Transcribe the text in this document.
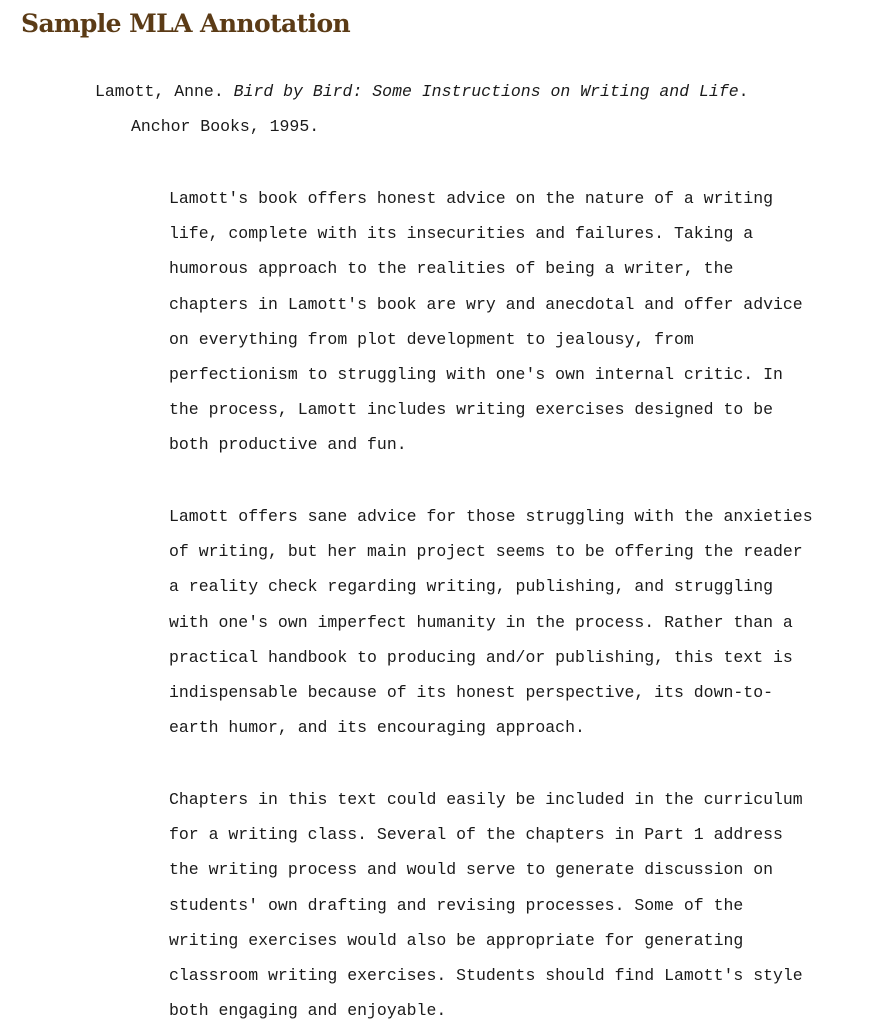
Sample MLA Annotation
Lamott, Anne. Bird by Bird: Some Instructions on Writing and Life.
Anchor Books, 1995.
Lamott's book offers honest advice on the nature of a writing
life, complete with its insecurities and failures. Taking a
humorous approach to the realities of being a writer, the
chapters in Lamott's book are wry and anecdotal and offer advice
on everything from plot development to jealousy, from
perfectionism to struggling with one's own internal critic. In
the process, Lamott includes writing exercises designed to be
both productive and fun.
Lamott offers sane advice for those struggling with the anxieties
of writing, but her main project seems to be offering the reader
a reality check regarding writing, publishing, and struggling
with one's own imperfect humanity in the process. Rather than a
practical handbook to producing and/or publishing, this text is
indispensable because of its honest perspective, its down-to-
earth humor, and its encouraging approach.
Chapters in this text could easily be included in the curriculum
for a writing class. Several of the chapters in Part 1 address
the writing process and would serve to generate discussion on
students' own drafting and revising processes. Some of the
writing exercises would also be appropriate for generating
classroom writing exercises. Students should find Lamott's style
both engaging and enjoyable.
